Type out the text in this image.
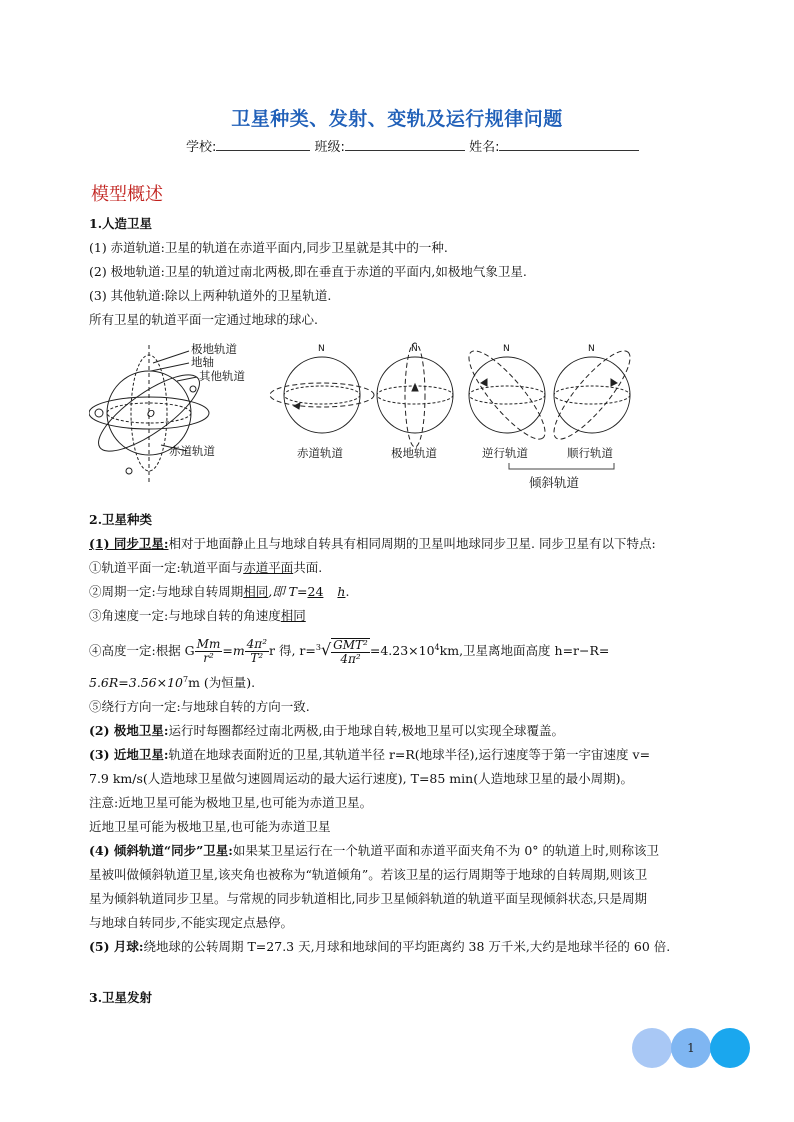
卫星种类、发射、变轨及运行规律问题
学校:	班级:	姓名:
模型概述
1.人造卫星
(1) 赤道轨道:卫星的轨道在赤道平面内,同步卫星就是其中的一种.
(2) 极地轨道:卫星的轨道过南北两极,即在垂直于赤道的平面内,如极地气象卫星.
(3) 其他轨道:除以上两种轨道外的卫星轨道.
所有卫星的轨道平面一定通过地球的球心.
极地轨道
地轴
其他轨道
O
赤道轨道
N
赤道轨道
N
极地轨道
N
逆行轨道
N
顺行轨道
倾斜轨道
2.卫星种类
(1) 同步卫星:相对于地面静止且与地球自转具有相同周期的卫星叫地球同步卫星. 同步卫星有以下特点:
①轨道平面一定:轨道平面与赤道平面共面.
②周期一定:与地球自转周期相同,即 T=24 h.
③角速度一定:与地球自转的角速度相同
④高度一定:根据 G $\frac{Mm}{\text{r²}} =m \frac{\text{4π²}}{\text{T²}}$ r 得, $r=^3√ \frac{\text{GMT²}}{\text{4π²}} =4.23\times 10^4km$,卫星离地面高度 h=r−R=
$5.6R=3.56\times 10^7m$ (为恒量).
⑤绕行方向一定:与地球自转的方向一致.
(2) 极地卫星:运行时每圈都经过南北两极,由于地球自转,极地卫星可以实现全球覆盖。
(3) 近地卫星:轨道在地球表面附近的卫星,其轨道半径 r=R(地球半径),运行速度等于第一宇宙速度 v=
7.9 km/s(人造地球卫星做匀速圆周运动的最大运行速度), T=85 min(人造地球卫星的最小周期)。
注意:近地卫星可能为极地卫星,也可能为赤道卫星。
近地卫星可能为极地卫星,也可能为赤道卫星
(4) 倾斜轨道“同步”卫星:如果某卫星运行在一个轨道平面和赤道平面夹角不为 0° 的轨道上时,则称该卫
星被叫做倾斜轨道卫星,该夹角也被称为“轨道倾角”。若该卫星的运行周期等于地球的自转周期,则该卫
星为倾斜轨道同步卫星。与常规的同步轨道相比,同步卫星倾斜轨道的轨道平面呈现倾斜状态,只是周期
与地球自转同步,不能实现定点悬停。
(5) 月球:绕地球的公转周期 T=27.3 天,月球和地球间的平均距离约 38 万千米,大约是地球半径的 60 倍.
3.卫星发射
1
